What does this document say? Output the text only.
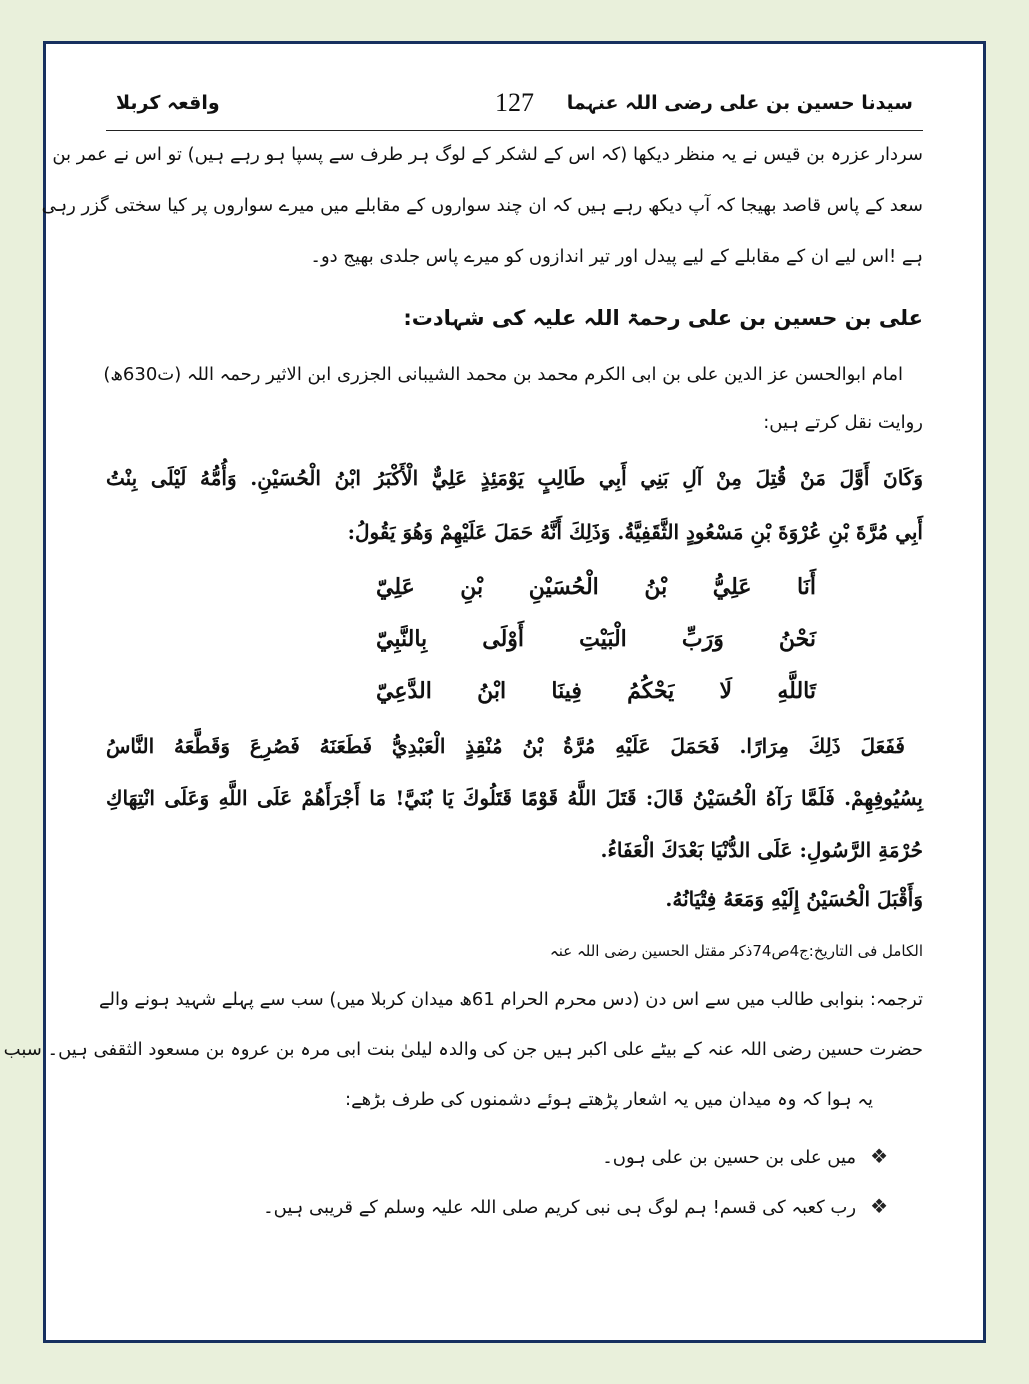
واقعہ کربلا	127	سیدنا حسین بن علی رضی اللہ عنہما
سردار عزرہ بن قیس نے یہ منظر دیکھا (کہ اس کے لشکر کے لوگ ہر طرف سے پسپا ہو رہے ہیں) تو اس نے عمر بن
سعد کے پاس قاصد بھیجا کہ آپ دیکھ رہے ہیں کہ ان چند سواروں کے مقابلے میں میرے سواروں پر کیا سختی گزر رہی
ہے !اس لیے ان کے مقابلے کے لیے پیدل اور تیر اندازوں کو میرے پاس جلدی بھیج دو۔
علی بن حسین بن علی رحمۃ اللہ علیہ کی شہادت:
امام ابوالحسن عز الدین علی بن ابی الکرم محمد بن محمد الشیبانی الجزری ابن الاثیر رحمہ اللہ (ت630ھ)
روایت نقل کرتے ہیں:
وَكَانَ أَوَّلَ مَنْ قُتِلَ مِنْ آلِ بَنِي أَبِي طَالِبٍ يَوْمَئِذٍ عَلِيٌّ الْأَكْبَرُ ابْنُ الْحُسَيْنِ. وَأُمُّهُ لَيْلَى بِنْتُ
أَبِي مُرَّةَ بْنِ عُرْوَةَ بْنِ مَسْعُودٍ الثَّقَفِيَّةُ. وَذَلِكَ أَنَّهُ حَمَلَ عَلَيْهِمْ وَهُوَ يَقُولُ:
أَنَا عَلِيُّ بْنُ الْحُسَيْنِ بْنِ عَلِيّ
نَحْنُ وَرَبِّ الْبَيْتِ أَوْلَى بِالنَّبِيّ
تَاللَّهِ لَا يَحْكُمُ فِينَا ابْنُ الدَّعِيّ
فَفَعَلَ ذَلِكَ مِرَارًا. فَحَمَلَ عَلَيْهِ مُرَّةُ بْنُ مُنْقِذٍ الْعَبْدِيُّ فَطَعَنَهُ فَصُرِعَ وَقَطَّعَهُ النَّاسُ
بِسُيُوفِهِمْ. فَلَمَّا رَآهُ الْحُسَيْنُ قَالَ: قَتَلَ اللَّهُ قَوْمًا قَتَلُوكَ يَا بُنَيَّ! مَا أَجْرَأَهُمْ عَلَى اللَّهِ وَعَلَى انْتِهَاكِ
حُرْمَةِ الرَّسُولِ: عَلَى الدُّنْيَا بَعْدَكَ الْعَفَاءُ.
وَأَقْبَلَ الْحُسَيْنُ إِلَيْهِ وَمَعَهُ فِتْيَانُهُ.
الکامل فی التاریخ:ج4ص74ذکر مقتل الحسین رضی اللہ عنہ
ترجمہ: بنوابی طالب میں سے اس دن (دس محرم الحرام 61ھ میدان کربلا میں) سب سے پہلے شہید ہونے والے
حضرت حسین رضی اللہ عنہ کے بیٹے علی اکبر ہیں جن کی والدہ لیلیٰ بنت ابی مرہ بن عروہ بن مسعود الثقفی ہیں۔ سبب
یہ ہوا کہ وہ میدان میں یہ اشعار پڑھتے ہوئے دشمنوں کی طرف بڑھے:
❖میں علی بن حسین بن علی ہوں۔
❖رب کعبہ کی قسم! ہم لوگ ہی نبی کریم صلی اللہ علیہ وسلم کے قریبی ہیں۔
